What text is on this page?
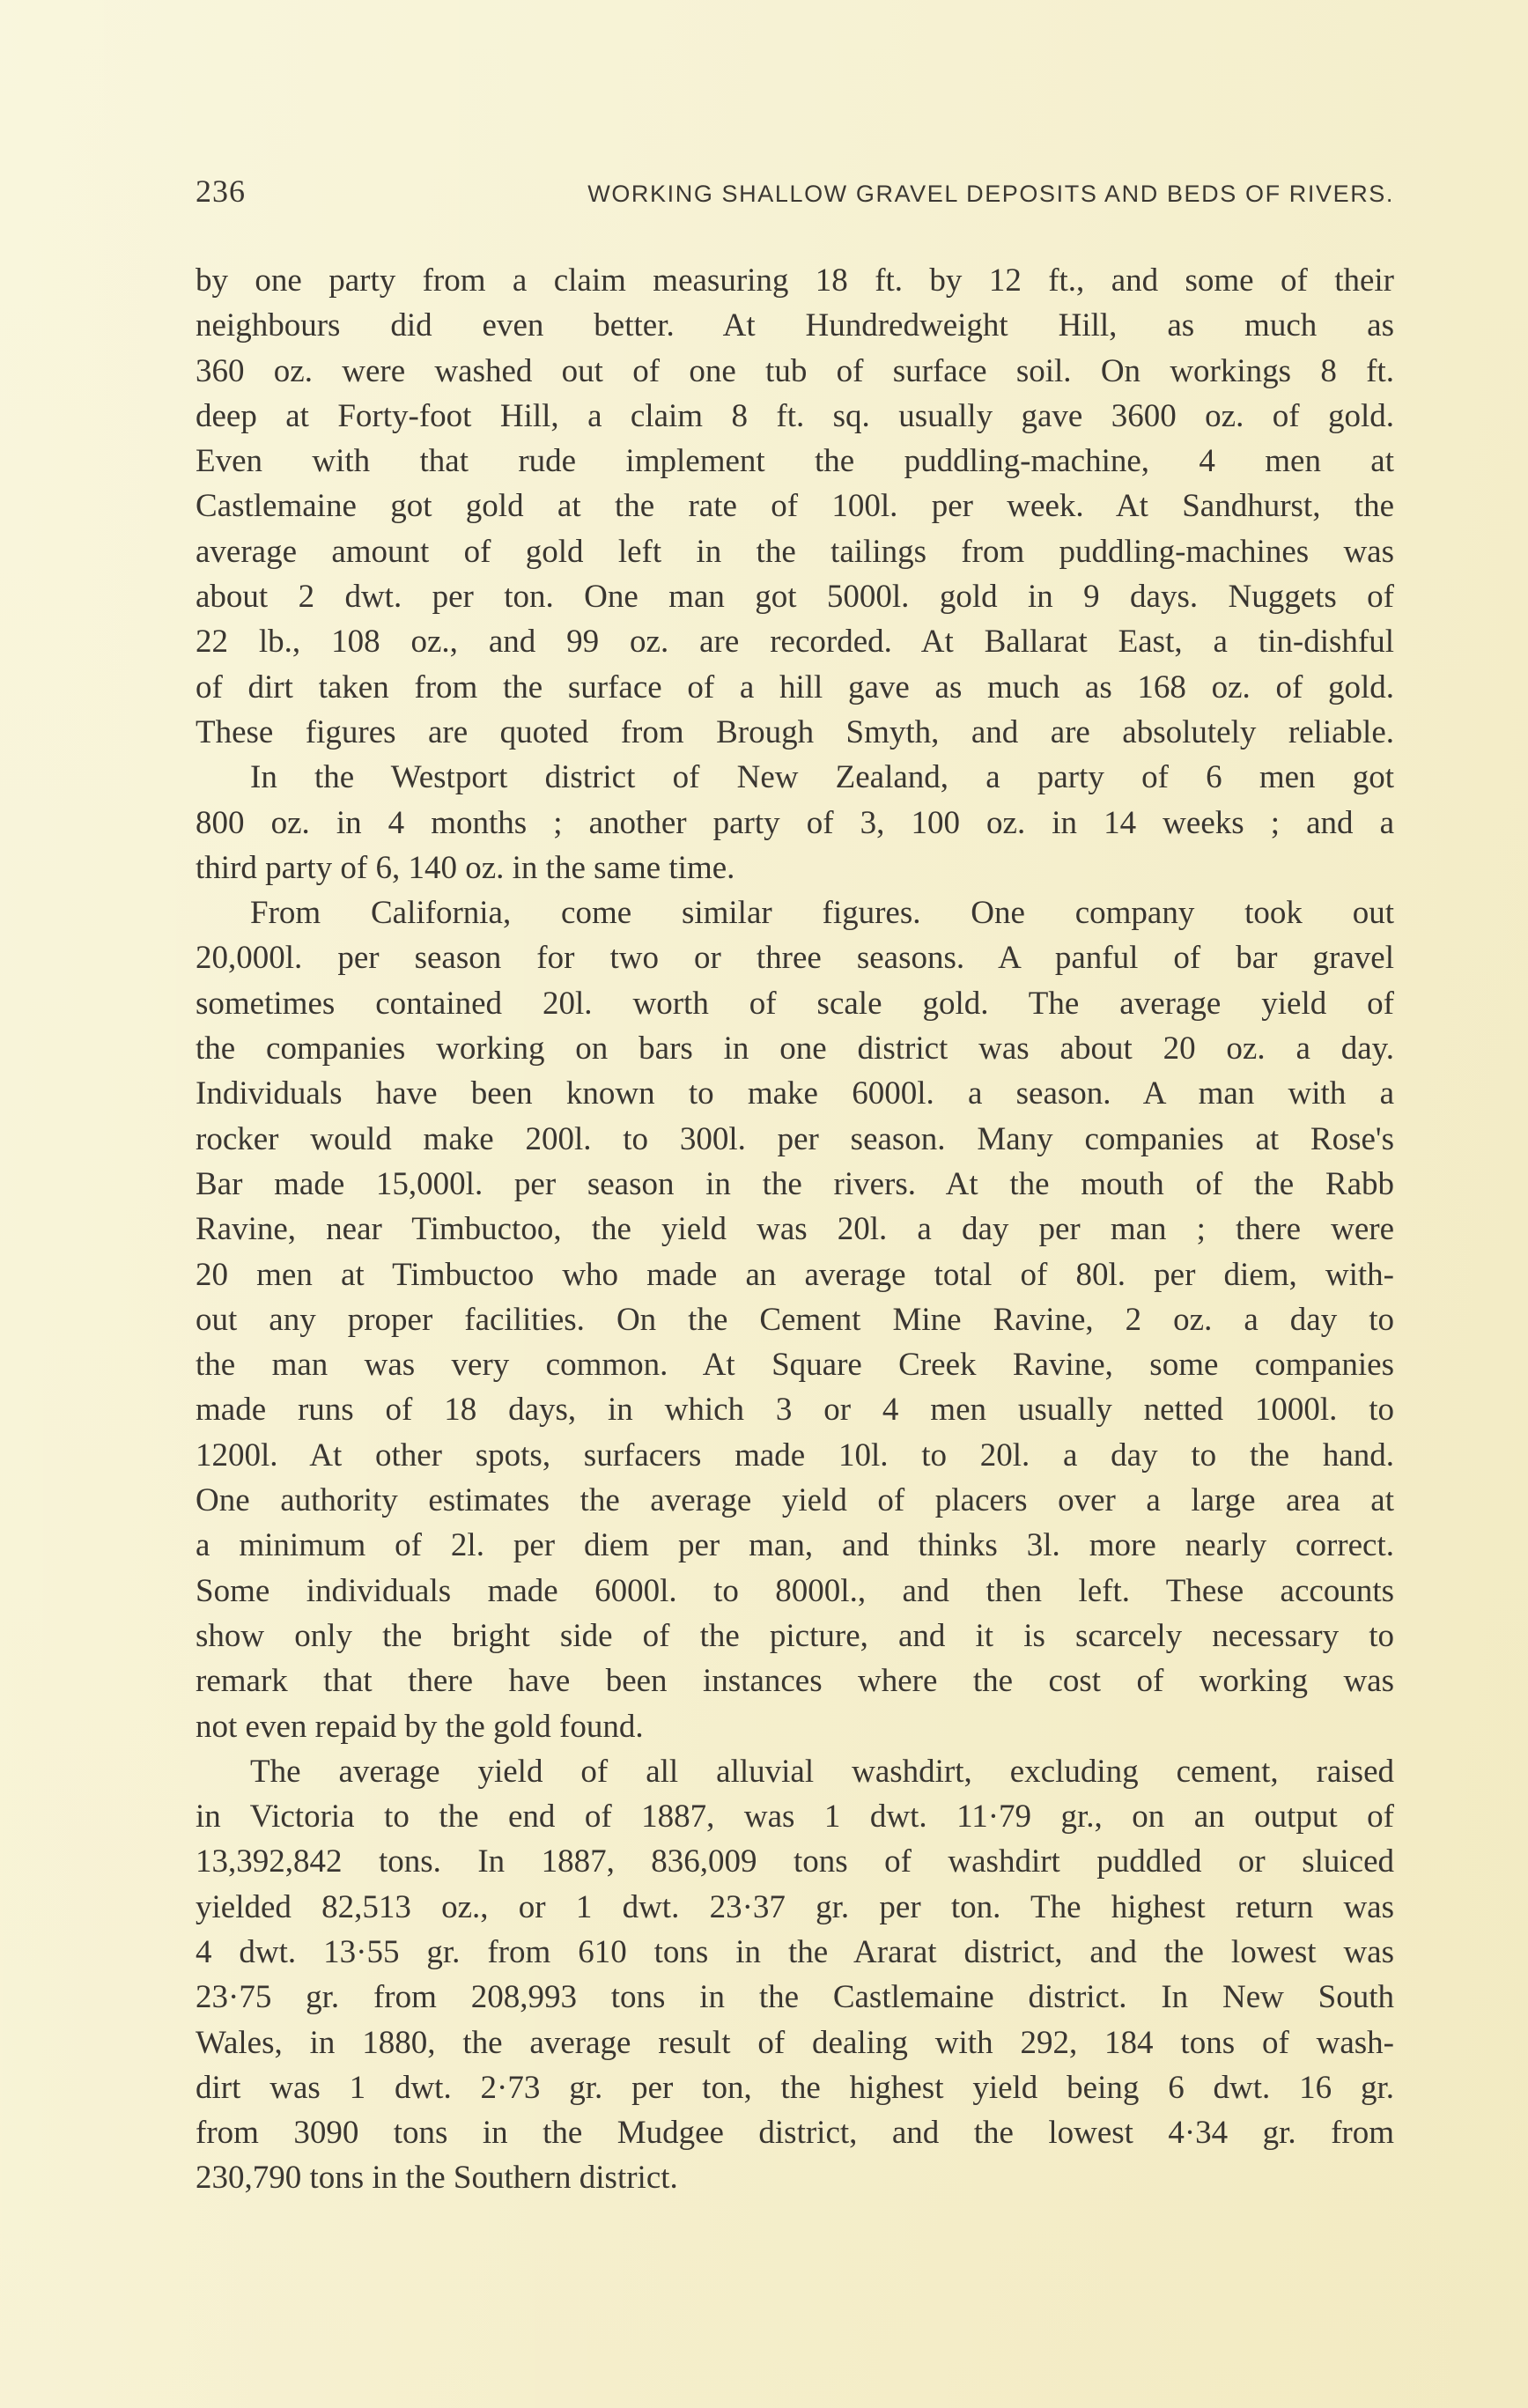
236	WORKING SHALLOW GRAVEL DEPOSITS AND BEDS OF RIVERS.
by one party from a claim measuring 18 ft. by 12 ft., and some of their
neighbours did even better. At Hundredweight Hill, as much as
360 oz. were washed out of one tub of surface soil. On workings 8 ft.
deep at Forty-foot Hill, a claim 8 ft. sq. usually gave 3600 oz. of gold.
Even with that rude implement the puddling-machine, 4 men at
Castlemaine got gold at the rate of 100l. per week. At Sandhurst, the
average amount of gold left in the tailings from puddling-machines was
about 2 dwt. per ton. One man got 5000l. gold in 9 days. Nuggets of
22 lb., 108 oz., and 99 oz. are recorded. At Ballarat East, a tin-dishful
of dirt taken from the surface of a hill gave as much as 168 oz. of gold.
These figures are quoted from Brough Smyth, and are absolutely reliable.
In the Westport district of New Zealand, a party of 6 men got
800 oz. in 4 months ; another party of 3, 100 oz. in 14 weeks ; and a
third party of 6, 140 oz. in the same time.
From California, come similar figures. One company took out
20,000l. per season for two or three seasons. A panful of bar gravel
sometimes contained 20l. worth of scale gold. The average yield of
the companies working on bars in one district was about 20 oz. a day.
Individuals have been known to make 6000l. a season. A man with a
rocker would make 200l. to 300l. per season. Many companies at Rose's
Bar made 15,000l. per season in the rivers. At the mouth of the Rabb
Ravine, near Timbuctoo, the yield was 20l. a day per man ; there were
20 men at Timbuctoo who made an average total of 80l. per diem, with-
out any proper facilities. On the Cement Mine Ravine, 2 oz. a day to
the man was very common. At Square Creek Ravine, some companies
made runs of 18 days, in which 3 or 4 men usually netted 1000l. to
1200l. At other spots, surfacers made 10l. to 20l. a day to the hand.
One authority estimates the average yield of placers over a large area at
a minimum of 2l. per diem per man, and thinks 3l. more nearly correct.
Some individuals made 6000l. to 8000l., and then left. These accounts
show only the bright side of the picture, and it is scarcely necessary to
remark that there have been instances where the cost of working was
not even repaid by the gold found.
The average yield of all alluvial washdirt, excluding cement, raised
in Victoria to the end of 1887, was 1 dwt. 11·79 gr., on an output of
13,392,842 tons. In 1887, 836,009 tons of washdirt puddled or sluiced
yielded 82,513 oz., or 1 dwt. 23·37 gr. per ton. The highest return was
4 dwt. 13·55 gr. from 610 tons in the Ararat district, and the lowest was
23·75 gr. from 208,993 tons in the Castlemaine district. In New South
Wales, in 1880, the average result of dealing with 292, 184 tons of wash-
dirt was 1 dwt. 2·73 gr. per ton, the highest yield being 6 dwt. 16 gr.
from 3090 tons in the Mudgee district, and the lowest 4·34 gr. from
230,790 tons in the Southern district.
